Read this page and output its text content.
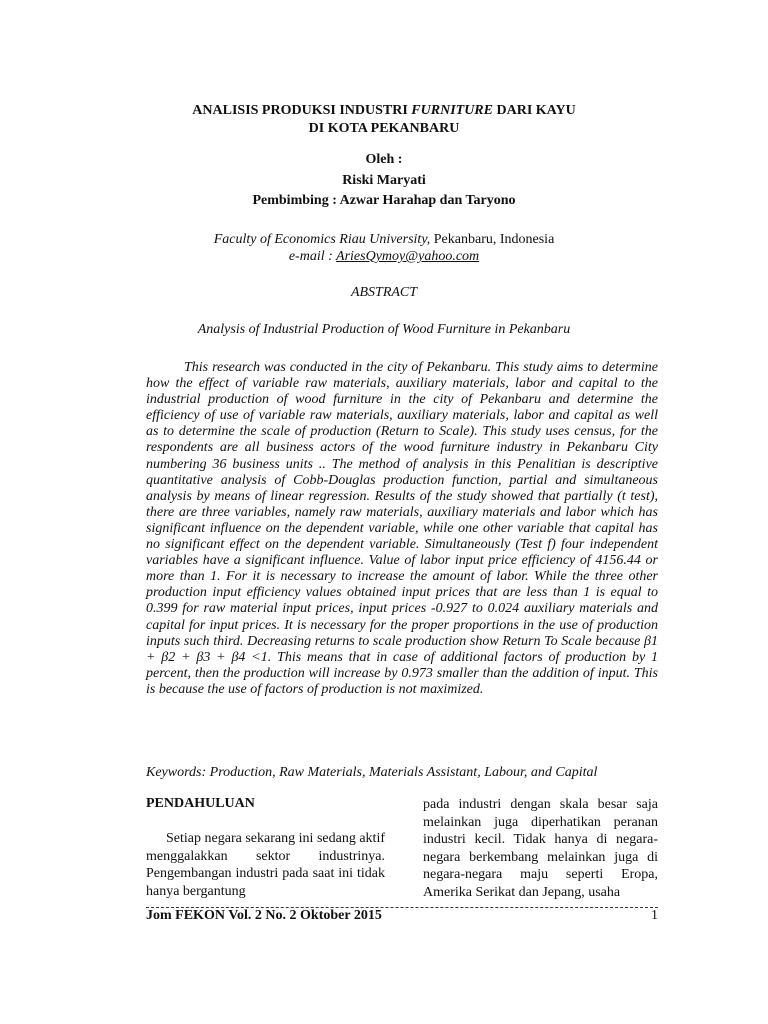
ANALISIS PRODUKSI INDUSTRI FURNITURE DARI KAYU
DI KOTA PEKANBARU
Oleh :
Riski Maryati
Pembimbing : Azwar Harahap dan Taryono
Faculty of Economics Riau University, Pekanbaru, Indonesia
e-mail : AriesQymoy@yahoo.com
ABSTRACT
Analysis of Industrial Production of Wood Furniture in Pekanbaru

This research was conducted in the city of Pekanbaru. This study aims to determine how the effect of variable raw materials, auxiliary materials, labor and capital to the industrial production of wood furniture in the city of Pekanbaru and determine the efficiency of use of variable raw materials, auxiliary materials, labor and capital as well as to determine the scale of production (Return to Scale). This study uses census, for the respondents are all business actors of the wood furniture industry in Pekanbaru City numbering 36 business units .. The method of analysis in this Penalitian is descriptive quantitative analysis of Cobb-Douglas production function, partial and simultaneous analysis by means of linear regression. Results of the study showed that partially (t test), there are three variables, namely raw materials, auxiliary materials and labor which has significant influence on the dependent variable, while one other variable that capital has no significant effect on the dependent variable. Simultaneously (Test f) four independent variables have a significant influence. Value of labor input price efficiency of 4156.44 or more than 1. For it is necessary to increase the amount of labor. While the three other production input efficiency values obtained input prices that are less than 1 is equal to 0.399 for raw material input prices, input prices -0.927 to 0.024 auxiliary materials and capital for input prices. It is necessary for the proper proportions in the use of production inputs such third. Decreasing returns to scale production show Return To Scale because β1 + β2 + β3 + β4 <1. This means that in case of additional factors of production by 1 percent, then the production will increase by 0.973 smaller than the addition of input. This is because the use of factors of production is not maximized.

Keywords: Production, Raw Materials, Materials Assistant, Labour, and Capital

PENDAHULUAN

Setiap negara sekarang ini sedang aktif menggalakkan sektor industrinya. Pengembangan industri pada saat ini tidak hanya bergantung

pada industri dengan skala besar saja melainkan juga diperhatikan peranan industri kecil. Tidak hanya di negara-negara berkembang melainkan juga di negara-negara maju seperti Eropa, Amerika Serikat dan Jepang, usaha

Jom FEKON Vol. 2 No. 2 Oktober 2015	1
